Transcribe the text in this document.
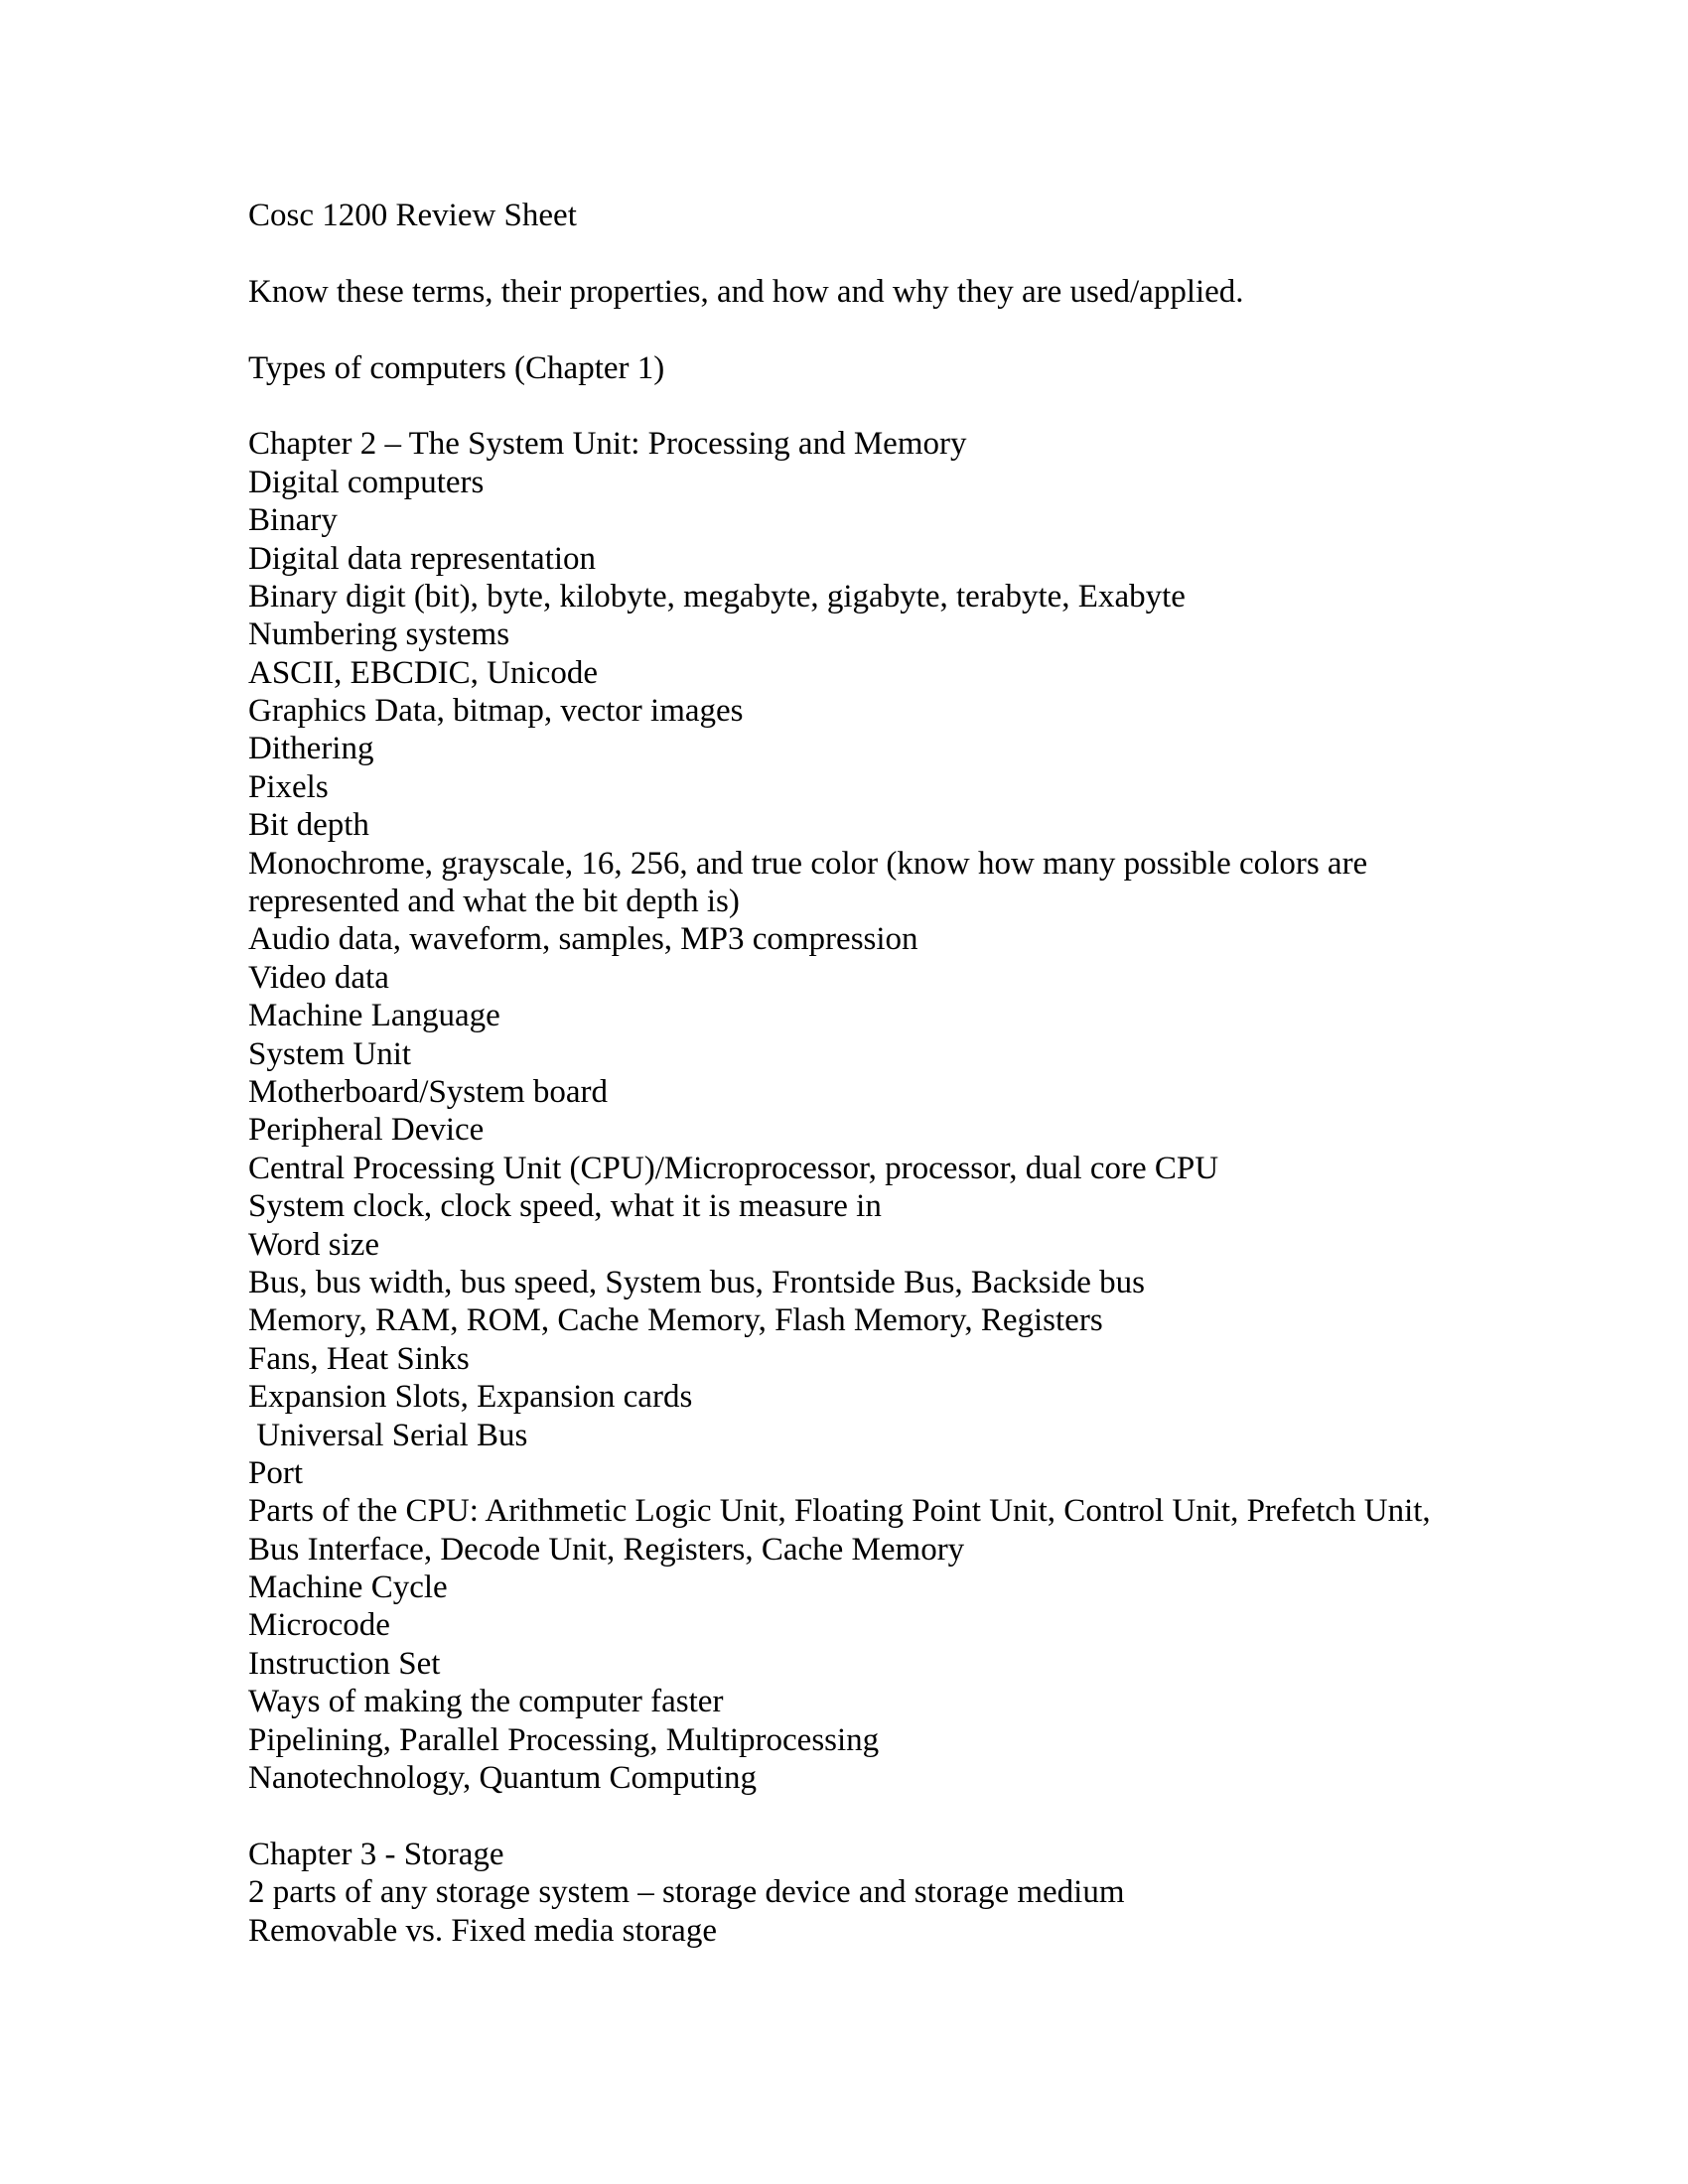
Cosc 1200 Review Sheet

Know these terms, their properties, and how and why they are used/applied.

Types of computers (Chapter 1)

Chapter 2 – The System Unit: Processing and Memory
Digital computers
Binary
Digital data representation
Binary digit (bit), byte, kilobyte, megabyte, gigabyte, terabyte, Exabyte
Numbering systems
ASCII, EBCDIC, Unicode
Graphics Data, bitmap, vector images
Dithering
Pixels
Bit depth
Monochrome, grayscale, 16, 256, and true color (know how many possible colors are
represented and what the bit depth is)
Audio data, waveform, samples, MP3 compression
Video data
Machine Language
System Unit
Motherboard/System board
Peripheral Device
Central Processing Unit (CPU)/Microprocessor, processor, dual core CPU
System clock, clock speed, what it is measure in
Word size
Bus, bus width, bus speed, System bus, Frontside Bus, Backside bus
Memory, RAM, ROM, Cache Memory, Flash Memory, Registers
Fans, Heat Sinks
Expansion Slots, Expansion cards
Universal Serial Bus
Port
Parts of the CPU: Arithmetic Logic Unit, Floating Point Unit, Control Unit, Prefetch Unit,
Bus Interface, Decode Unit, Registers, Cache Memory
Machine Cycle
Microcode
Instruction Set
Ways of making the computer faster
Pipelining, Parallel Processing, Multiprocessing
Nanotechnology, Quantum Computing

Chapter 3 - Storage
2 parts of any storage system – storage device and storage medium
Removable vs. Fixed media storage
